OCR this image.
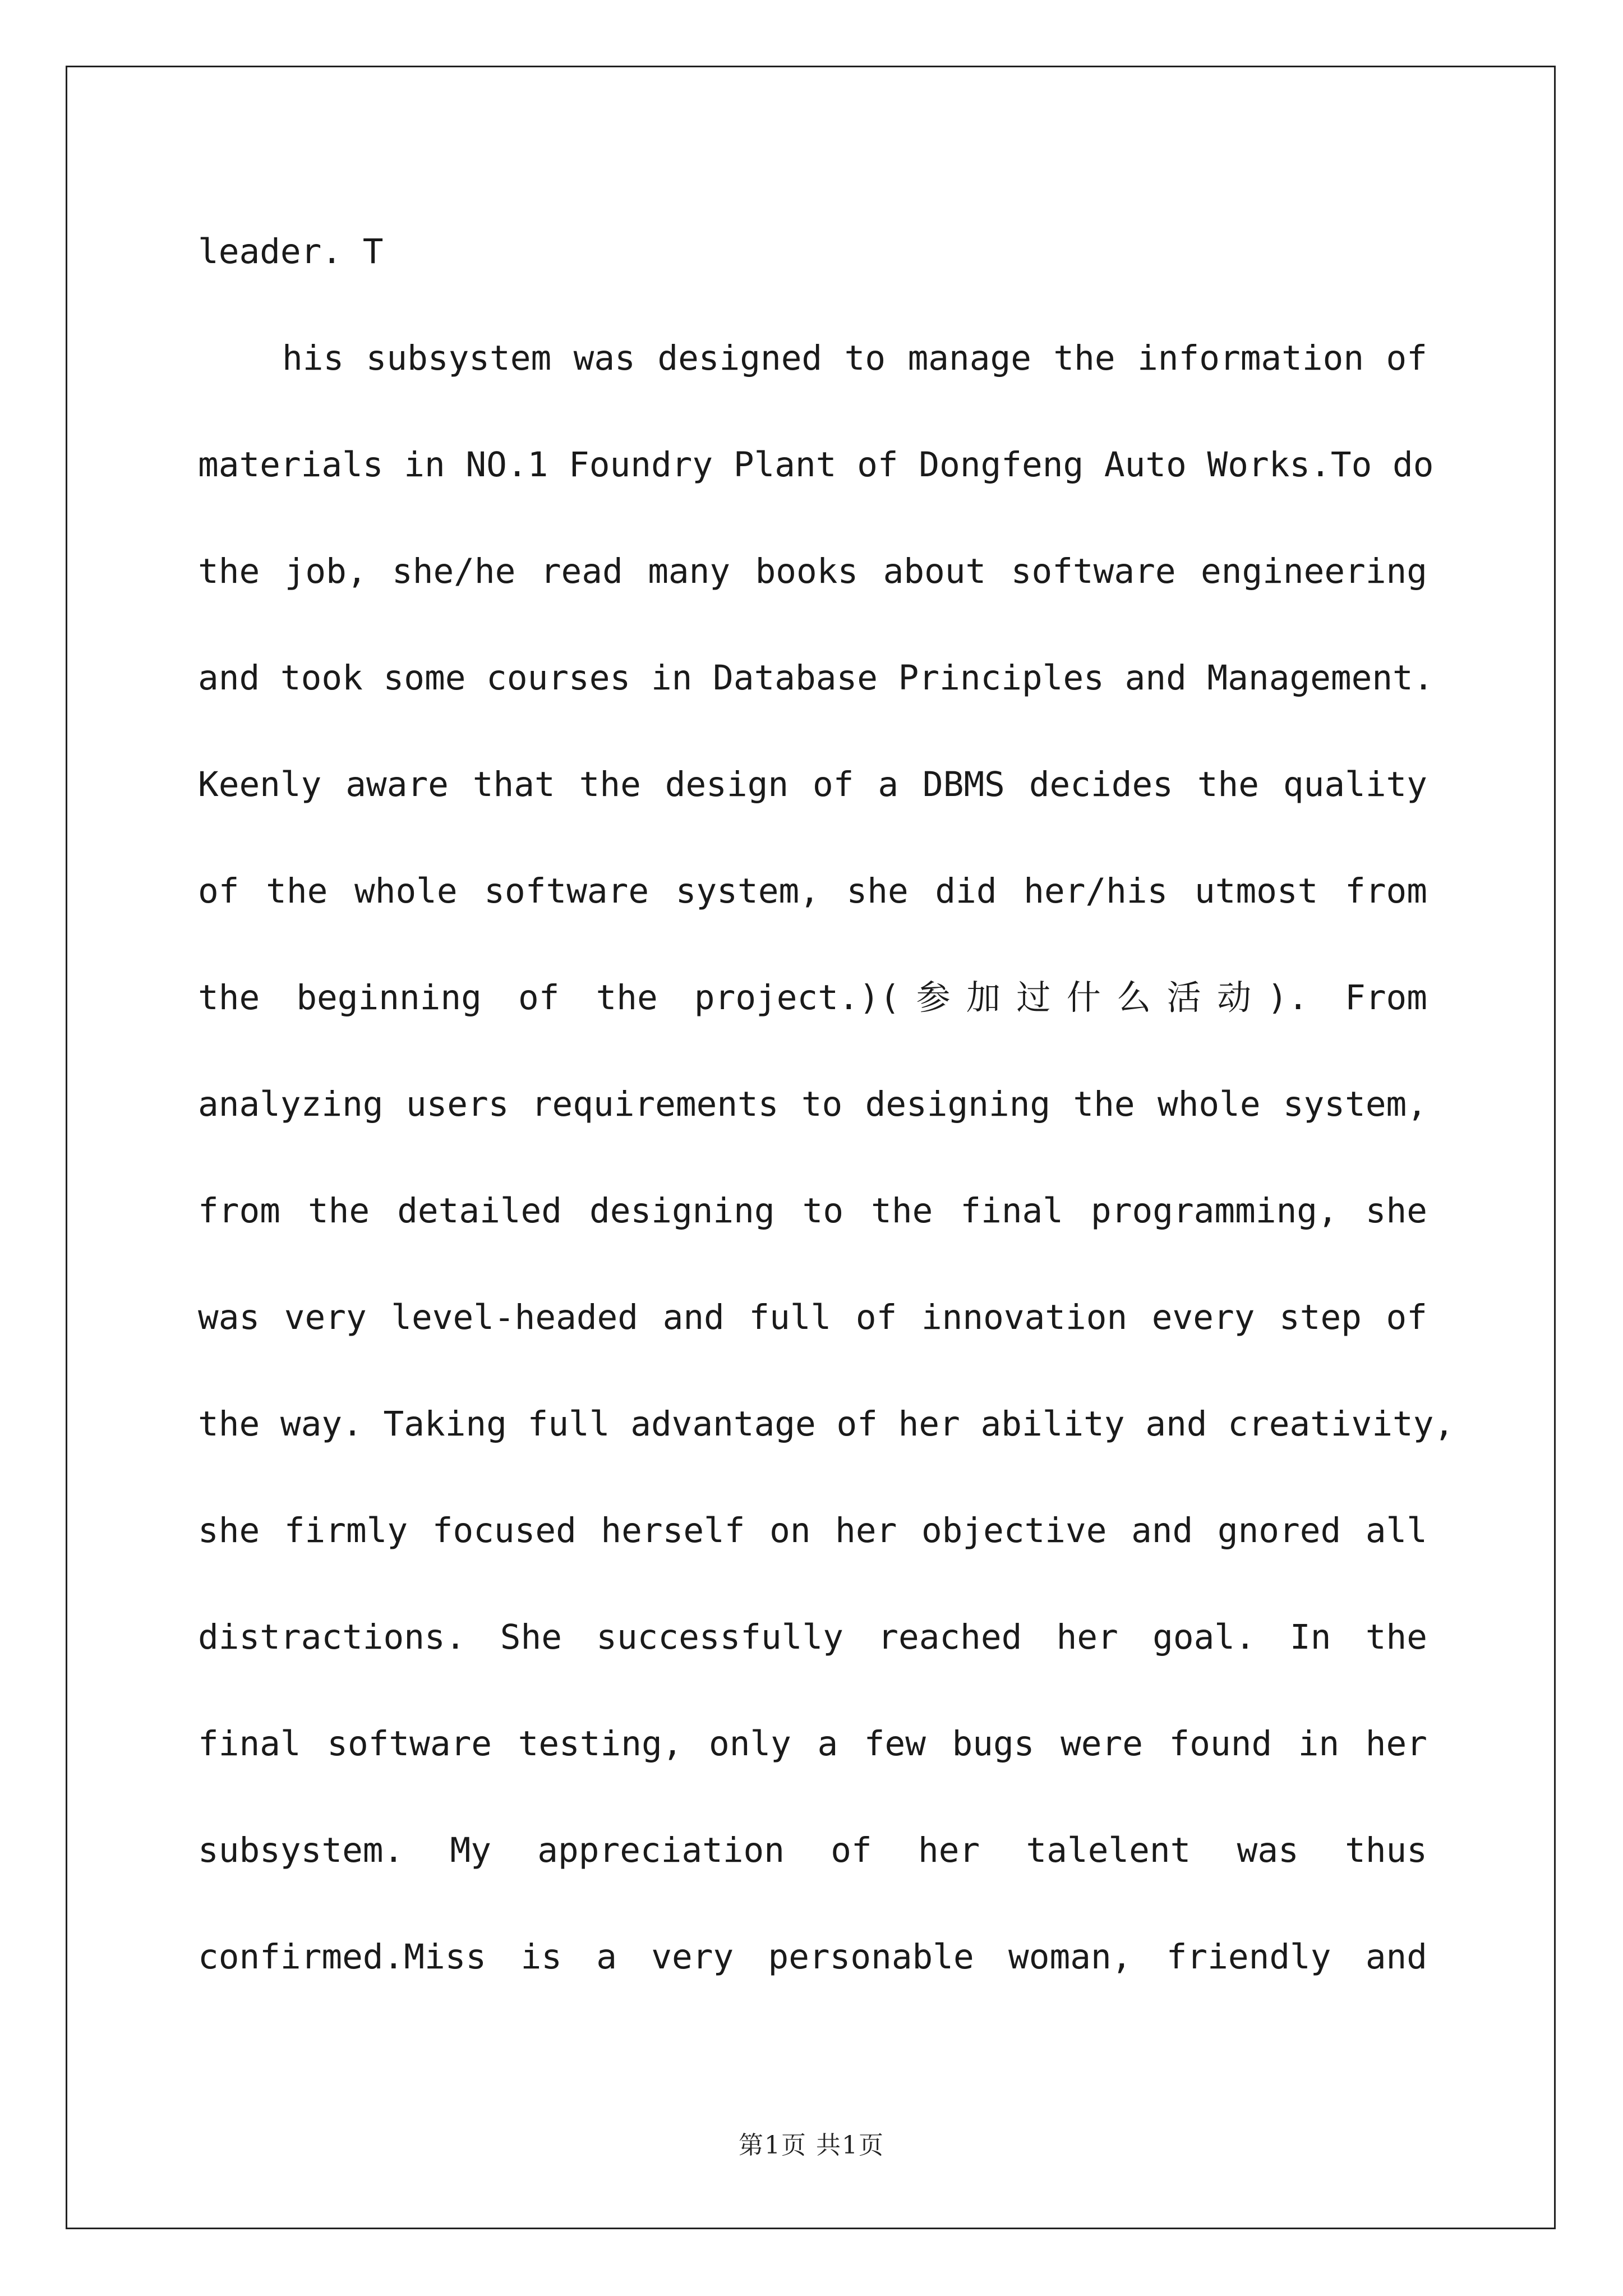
leader. T
his subsystem was designed to manage the information of
materials in NO.1 Foundry Plant of Dongfeng Auto Works.To do
the job, she/he read many books about software engineering
and took some courses in Database Principles and Management.
Keenly aware that the design of a DBMS decides the quality
of the whole software system, she did her/his utmost from
the beginning of the project.)(参加过什么活动). From
analyzing users requirements to designing the whole system,
from the detailed designing to the final programming, she
was very level-headed and full of innovation every step of
the way. Taking full advantage of her ability and creativity,
she firmly focused herself on her objective and gnored all
distractions. She successfully reached her goal. In the
final software testing, only a few bugs were found in her
subsystem. My appreciation of her talelent was thus
confirmed.Miss is a very personable woman, friendly and
第1页 共1页
